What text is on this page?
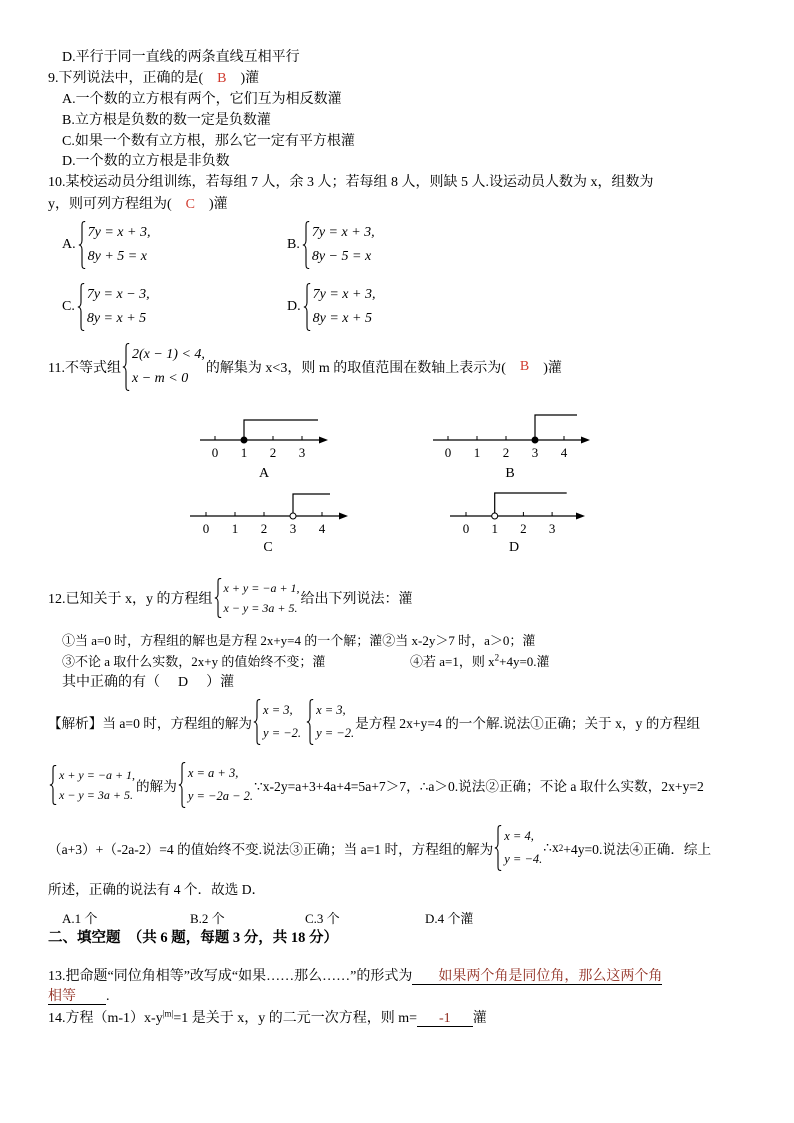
D.平行于同一直线的两条直线互相平行
9.下列说法中，正确的是( B )灌
A.一个数的立方根有两个，它们互为相反数灌
B.立方根是负数的数一定是负数灌
C.如果一个数有立方根，那么它一定有平方根灌
D.一个数的立方根是非负数
10.某校运动员分组训练，若每组 7 人，余 3 人；若每组 8 人，则缺 5 人.设运动员人数为 x，组数为
y，则可列方程组为( C )灌
A.
7y = x + 3,
8y + 5 = x
B.
7y = x + 3,
8y − 5 = x
C.
7y = x − 3,
8y = x + 5
D.
7y = x + 3,
8y = x + 5
11.不等式组
2(x − 1) < 4,
x − m < 0
的解集为 x<3，则 m 的取值范围在数轴上表示为(	B	)灌
0 1 2 3	0 1 2 3 4
0 1 2 3 4	0 1 2 3
A	B
C	D
12.已知关于 x，y 的方程组
x + y = −a + 1,
x − y = 3a + 5.
给出下列说法：灌
①当 a=0 时，方程组的解也是方程 2x+y=4 的一个解；灌②当 x-2y＞7 时，a＞0；灌
③不论 a 取什么实数，2x+y 的值始终不变；灌	④若 a=1，则 $x^2+4y=0$.灌
其中正确的有（ D ）灌
【解析】当 a=0 时，方程组的解为
x = 3,
y = −2.
x = 3,
y = −2.
是方程 2x+y=4 的一个解.说法①正确；关于 x，y 的方程组
x + y = −a + 1,
x − y = 3a + 5.
的解为
x = a + 3,
y = −2a − 2.
∵x-2y=a+3+4a+4=5a+7＞7，∴a＞0.说法②正确；不论 a 取什么实数，2x+y=2
（a+3）+（-2a-2）=4 的值始终不变.说法③正确；当 a=1 时，方程组的解为
x = 4,
y = −4.
∴x 2 +4y=0.说法④正确．综上
所述，正确的说法有 4 个．故选 D．
A.1 个	B.2 个	C.3 个	D.4 个灌
二、填空题  （共 6 题，每题 3 分，共 18 分）
13.把命题“同位角相等”改写成“如果……那么……”的形式为 如果两个角是同位角，那么这两个角
相等 .
14.方程$(m-1)x-y^{|m|}=1$ 是关于 x，y 的二元一次方程，则 m= -1 灌
